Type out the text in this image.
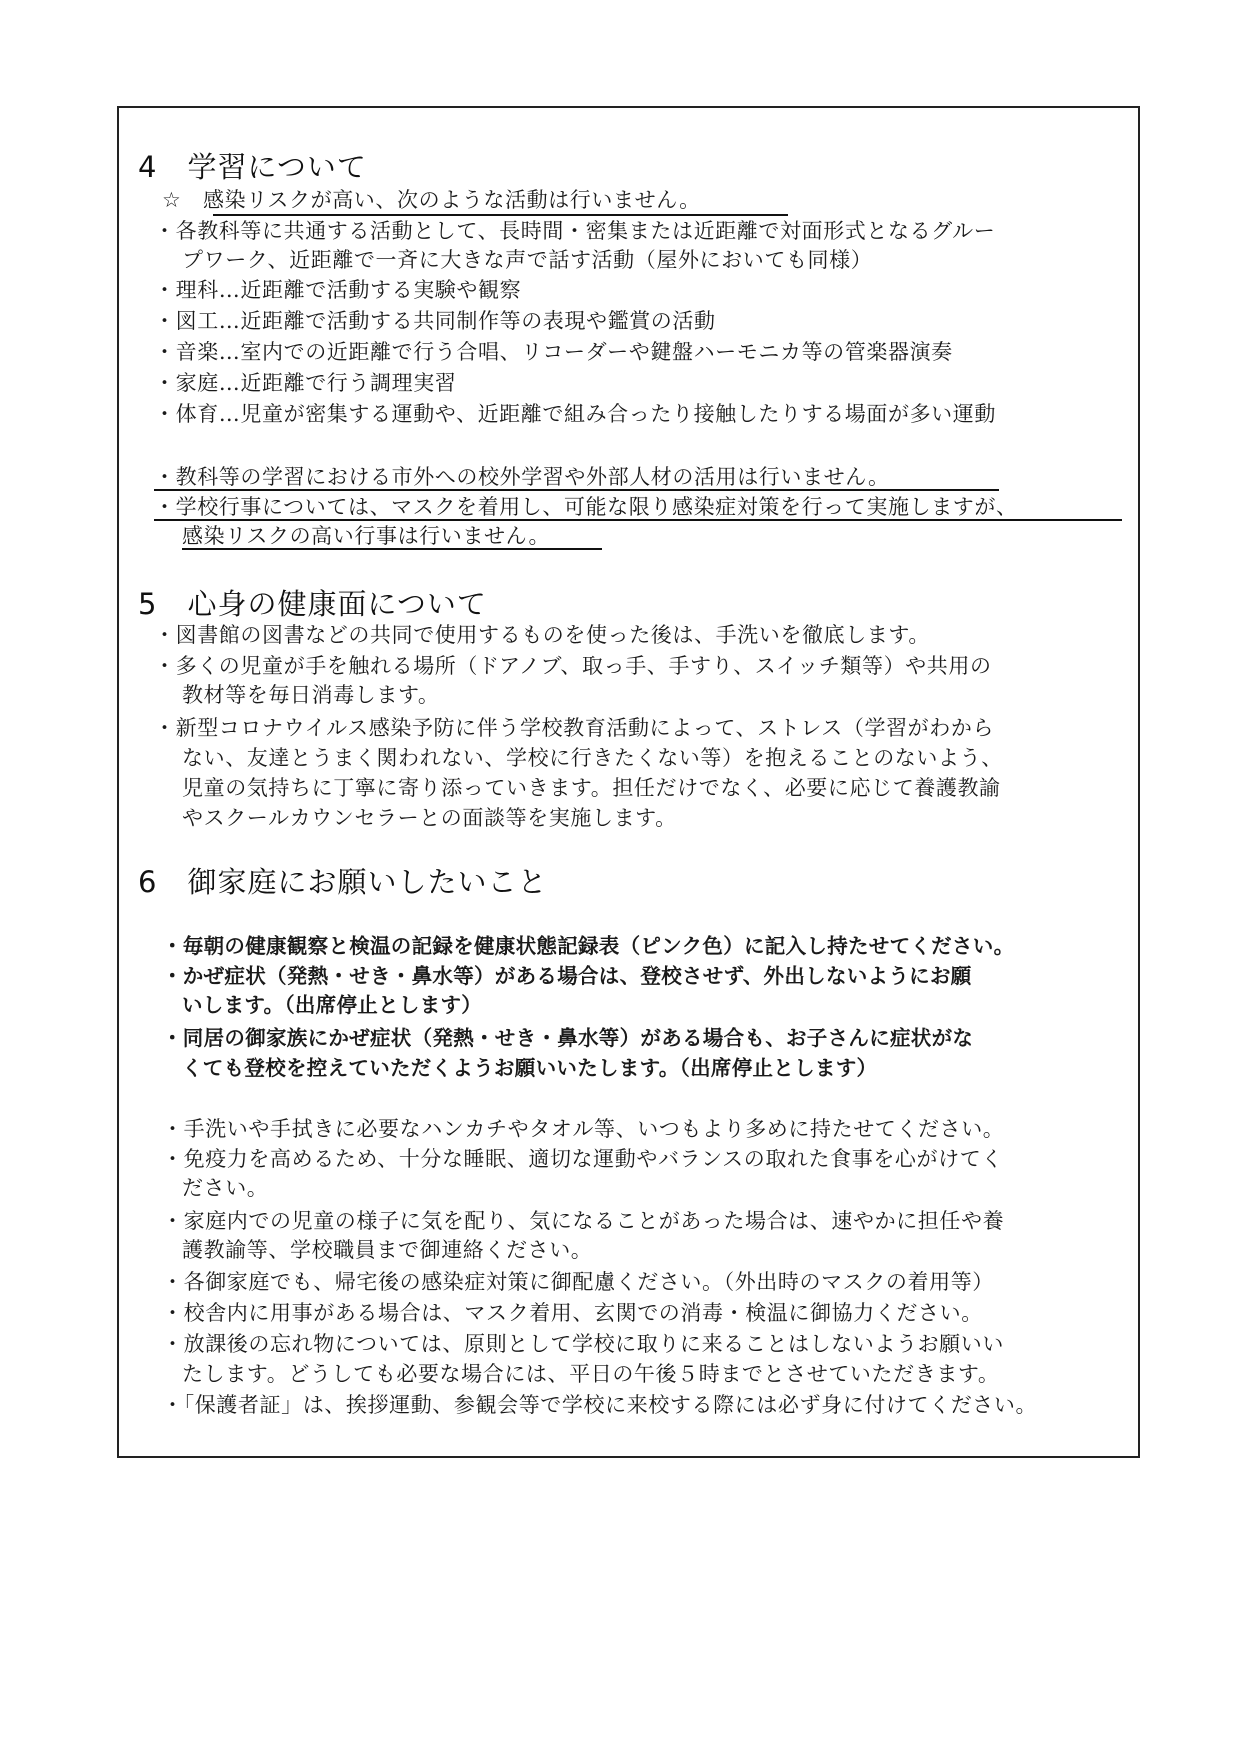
4　学習について

☆　感染リスクが高い、次のような活動は行いません。

・各教科等に共通する活動として、長時間・密集または近距離で対面形式となるグルー

プワーク、近距離で一斉に大きな声で話す活動（屋外においても同様）

・理科…近距離で活動する実験や観察

・図工…近距離で活動する共同制作等の表現や鑑賞の活動

・音楽…室内での近距離で行う合唱、リコーダーや鍵盤ハーモニカ等の管楽器演奏

・家庭…近距離で行う調理実習

・体育…児童が密集する運動や、近距離で組み合ったり接触したりする場面が多い運動

・教科等の学習における市外への校外学習や外部人材の活用は行いません。

・学校行事については、マスクを着用し、可能な限り感染症対策を行って実施しますが、

感染リスクの高い行事は行いません。

5　心身の健康面について

・図書館の図書などの共同で使用するものを使った後は、手洗いを徹底します。

・多くの児童が手を触れる場所（ドアノブ、取っ手、手すり、スイッチ類等）や共用の

教材等を毎日消毒します。

・新型コロナウイルス感染予防に伴う学校教育活動によって、ストレス（学習がわから

ない、友達とうまく関われない、学校に行きたくない等）を抱えることのないよう、

児童の気持ちに丁寧に寄り添っていきます。担任だけでなく、必要に応じて養護教諭

やスクールカウンセラーとの面談等を実施します。

6　御家庭にお願いしたいこと

・毎朝の健康観察と検温の記録を健康状態記録表（ピンク色）に記入し持たせてください。

・かぜ症状（発熱・せき・鼻水等）がある場合は、登校させず、外出しないようにお願

いします。（出席停止とします）

・同居の御家族にかぜ症状（発熱・せき・鼻水等）がある場合も、お子さんに症状がな

くても登校を控えていただくようお願いいたします。（出席停止とします）

・手洗いや手拭きに必要なハンカチやタオル等、いつもより多めに持たせてください。

・免疫力を高めるため、十分な睡眠、適切な運動やバランスの取れた食事を心がけてく

ださい。

・家庭内での児童の様子に気を配り、気になることがあった場合は、速やかに担任や養

護教諭等、学校職員まで御連絡ください。

・各御家庭でも、帰宅後の感染症対策に御配慮ください。（外出時のマスクの着用等）

・校舎内に用事がある場合は、マスク着用、玄関での消毒・検温に御協力ください。

・放課後の忘れ物については、原則として学校に取りに来ることはしないようお願いい

たします。どうしても必要な場合には、平日の午後５時までとさせていただきます。

・「保護者証」は、挨拶運動、参観会等で学校に来校する際には必ず身に付けてください。
